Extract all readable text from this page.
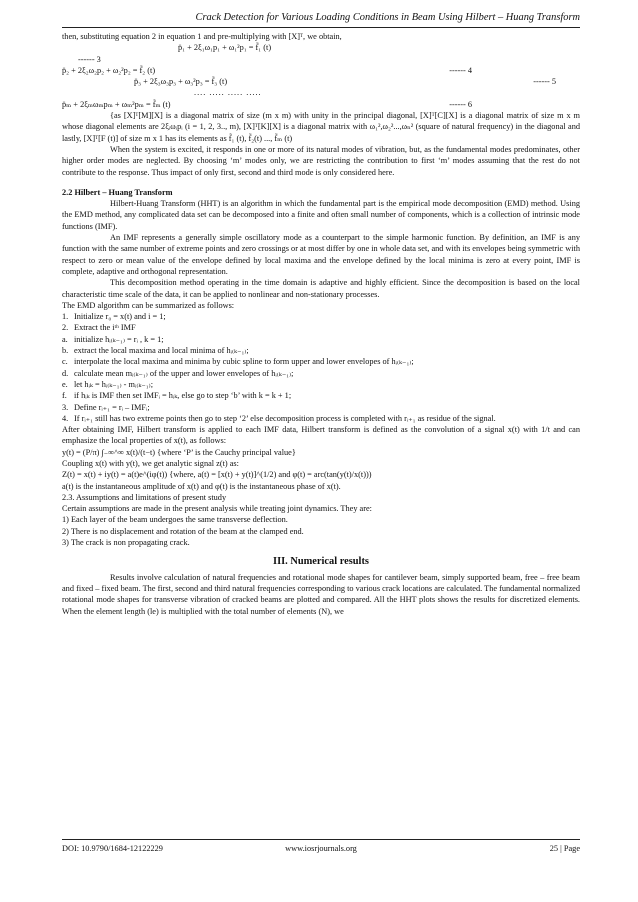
Crack Detection for Various Loading Conditions in Beam Using Hilbert – Huang Transform

then, substituting equation 2 in equation 1 and pre-multiplying with [X]ᵀ, we obtain,

p̈₁ + 2ξ₁ω₁p₁ + ω₁²p₁ = f̃₁ (t)

------ 3

p̈₂ + 2ξ₂ω₂p₂ + ω₂²p₂ = f̃₂ (t)	------ 4
p̈₃ + 2ξ₃ω₃p₃ + ω₃²p₃ = f̃₃ (t)	------ 5

.... ..... ..... .....

p̈ₘ + 2ξₘωₘpₘ + ωₘ²pₘ = f̃ₘ (t)	------ 6

{as [X]ᵀ[M][X] is a diagonal matrix of size (m x m) with unity in the principal diagonal, [X]ᵀ[C][X] is a diagonal matrix of size m x m whose diagonal elements are 2ξᵢωᵢpᵢ (i = 1, 2, 3.., m), [X]ᵀ[K][X] is a diagonal matrix with ω₁²,ω₂²...,ωₙ² (square of natural frequency) in the diagonal and lastly, [X]ᵀ[F (t)] of size m x 1 has its elements as f̃₁ (t), f̃₂(t) ..., f̃ₘ (t)

When the system is excited, it responds in one or more of its natural modes of vibration, but, as the fundamental modes predominates, other higher order modes are neglected. By choosing ‘m’ modes only, we are restricting the contribution to first ‘m’ modes assuming that the rest do not contribute to the response. Thus impact of only first, second and third mode is only considered here.

2.2 Hilbert – Huang Transform

Hilbert-Huang Transform (HHT) is an algorithm in which the fundamental part is the empirical mode decomposition (EMD) method. Using the EMD method, any complicated data set can be decomposed into a finite and often small number of components, which is a collection of intrinsic mode functions (IMF).

An IMF represents a generally simple oscillatory mode as a counterpart to the simple harmonic function. By definition, an IMF is any function with the same number of extreme points and zero crossings or at most differ by one in whole data set, and with its envelopes being symmetric with respect to zero or mean value of the envelope defined by local maxima and the envelope defined by the local minima is zero at every point, IMF is complete, adaptive and orthogonal representation.

This decomposition method operating in the time domain is adaptive and highly efficient. Since the decomposition is based on the local characteristic time scale of the data, it can be applied to nonlinear and non-stationary processes.

The EMD algorithm can be summarized as follows:

1. Initialize r₀ = x(t) and i = 1;
2. Extract the iᵗʰ IMF
a. initialize hᵢ₍ₖ₋₁₎ = rᵢ , k = 1;
b. extract the local maxima and local minima of hᵢ₍ₖ₋₁₎;
c. interpolate the local maxima and minima by cubic spline to form upper and lower envelopes of hᵢ₍ₖ₋₁₎;
d. calculate mean mᵢ₍ₖ₋₁₎ of the upper and lower envelopes of hᵢ₍ₖ₋₁₎;
e. let hᵢₖ = hᵢ₍ₖ₋₁₎ - mᵢ₍ₖ₋₁₎;
f. if hᵢₖ is IMF then set IMFᵢ = hᵢₖ, else go to step ‘b’ with k = k + 1;
3. Define rᵢ₊₁ = rᵢ – IMFᵢ;
4. If rᵢ₊₁ still has two extreme points then go to step ‘2’ else decomposition process is completed with rᵢ₊₁ as residue of the signal.

After obtaining IMF, Hilbert transform is applied to each IMF data, Hilbert transform is defined as the convolution of a signal x(t) with 1/t and can emphasize the local properties of x(t), as follows:

y(t) = (P/π) ∫₋∞^∞ x(t)/(t−t) {where ‘P’ is the Cauchy principal value}

Coupling x(t) with y(t), we get analytic signal z(t) as:

Z(t) = x(t) + iy(t) = a(t)e^(iφ(t)) {where, a(t) = [x(t) + y(t)]^(1/2) and φ(t) = arc(tan(y(t)/x(t)))

a(t) is the instantaneous amplitude of x(t) and φ(t) is the instantaneous phase of x(t).

2.3. Assumptions and limitations of present study

Certain assumptions are made in the present analysis while treating joint dynamics. They are:

1) Each layer of the beam undergoes the same transverse deflection.

2) There is no displacement and rotation of the beam at the clamped end.

3) The crack is non propagating crack.

III. Numerical results

Results involve calculation of natural frequencies and rotational mode shapes for cantilever beam, simply supported beam, free – free beam and fixed – fixed beam. The first, second and third natural frequencies corresponding to various crack locations are calculated. The fundamental normalized rotational mode shapes for transverse vibration of cracked beams are plotted and compared. All the HHT plots shows the results for discretized elements. When the element length (le) is multiplied with the total number of elements (N), we

DOI: 10.9790/1684-12122229	www.iosrjournals.org	25 | Page
